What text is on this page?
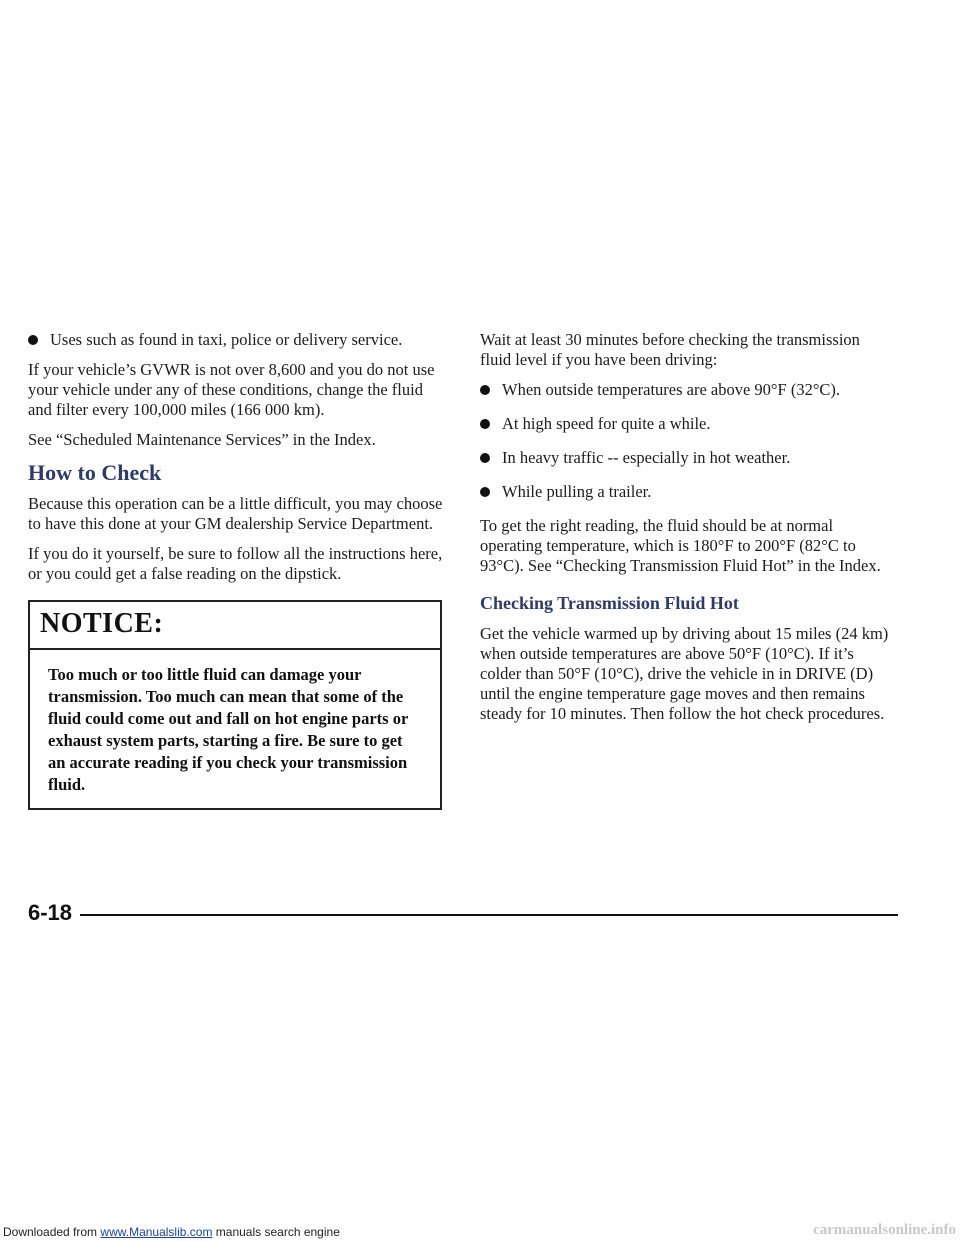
Uses such as found in taxi, police or delivery service.

If your vehicle’s GVWR is not over 8,600 and you do not use your vehicle under any of these conditions, change the fluid and filter every 100,000 miles (166 000 km).

See “Scheduled Maintenance Services” in the Index.

How to Check

Because this operation can be a little difficult, you may choose to have this done at your GM dealership Service Department.

If you do it yourself, be sure to follow all the instructions here, or you could get a false reading on the dipstick.

NOTICE:
Too much or too little fluid can damage your transmission. Too much can mean that some of the fluid could come out and fall on hot engine parts or exhaust system parts, starting a fire. Be sure to get an accurate reading if you check your transmission fluid.

Wait at least 30 minutes before checking the transmission fluid level if you have been driving:

When outside temperatures are above 90°F (32°C).
At high speed for quite a while.
In heavy traffic -- especially in hot weather.
While pulling a trailer.

To get the right reading, the fluid should be at normal operating temperature, which is 180°F to 200°F (82°C to 93°C). See “Checking Transmission Fluid Hot” in the Index.

Checking Transmission Fluid Hot

Get the vehicle warmed up by driving about 15 miles (24 km) when outside temperatures are above 50°F (10°C). If it’s colder than 50°F (10°C), drive the vehicle in in DRIVE (D) until the engine temperature gage moves and then remains steady for 10 minutes. Then follow the hot check procedures.

6-18
Downloaded from www.Manualslib.com manuals search engine	carmanualsonline.info
